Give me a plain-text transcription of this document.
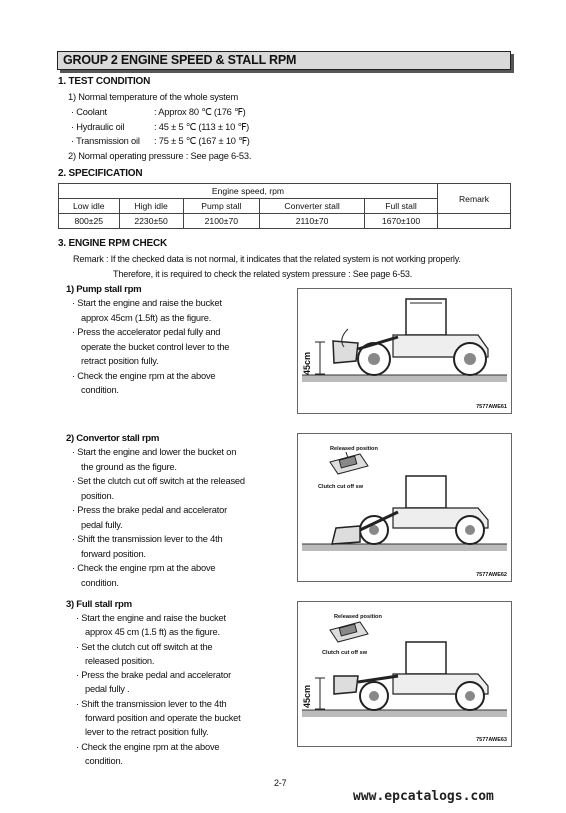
GROUP 2 ENGINE SPEED & STALL RPM
1. TEST CONDITION
1) Normal temperature of the whole system
· Coolant	: Approx 80 ℃ (176 ℉)
· Hydraulic oil	: 45 ± 5 ℃ (113 ± 10 ℉)
· Transmission oil : 75 ± 5 ℃ (167 ± 10 ℉)
2) Normal operating pressure : See page 6-53.
2. SPECIFICATION
Engine speed, rpm					Remark
Low idle	High idle	Pump stall	Converter stall	Full stall	
800±25	2230±50	2100±70	2110±70	1670±100	
3. ENGINE RPM CHECK
Remark : If the checked data is not normal, it indicates that the related system is not working properly.
Therefore, it is required to check the related system pressure : See page 6-53.
1) Pump stall rpm
· Start the engine and raise the bucket
approx 45cm (1.5ft) as the figure.
· Press the accelerator pedal fully and
operate the bucket control lever to the
retract position fully.
· Check the engine rpm at the above
condition.
45cm
7577AWE61
2) Convertor stall rpm
· Start the engine and lower the bucket on
the ground as the figure.
· Set the clutch cut off switch at the released
position.
· Press the brake pedal and accelerator
pedal fully.
· Shift the transmission lever to the 4th
forward position.
· Check the engine rpm at the above
condition.
Released position
Clutch cut off sw
7577AWE62
3) Full stall rpm
· Start the engine and raise the bucket
approx 45 cm (1.5 ft) as the figure.
· Set the clutch cut off switch at the
released position.
· Press the brake pedal and accelerator
pedal fully .
· Shift the transmission lever to the 4th
forward position and operate the bucket
lever to the retract position fully.
· Check the engine rpm at the above
condition.
Released position
Clutch cut off sw
45cm
7577AWE63
2-7
www.epcatalogs.com
